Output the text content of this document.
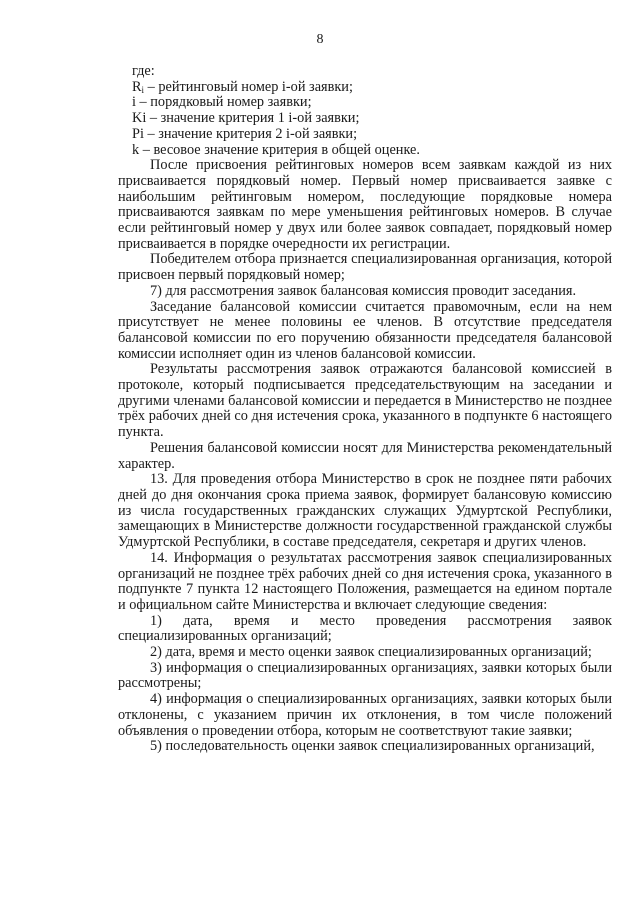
8

где:

$R_i$ – рейтинговый номер i-ой заявки;

i – порядковый номер заявки;

Ki – значение критерия 1 i-ой заявки;

Pi – значение критерия 2 i-ой заявки;

k – весовое значение критерия в общей оценке.

После присвоения рейтинговых номеров всем заявкам каждой из них присваивается порядковый номер. Первый номер присваивается заявке с наибольшим рейтинговым номером, последующие порядковые номера присваиваются заявкам по мере уменьшения рейтинговых номеров. В случае если рейтинговый номер у двух или более заявок совпадает, порядковый номер присваивается в порядке очередности их регистрации.

Победителем отбора признается специализированная организация, которой присвоен первый порядковый номер;

7) для рассмотрения заявок балансовая комиссия проводит заседания.

Заседание балансовой комиссии считается правомочным, если на нем присутствует не менее половины ее членов. В отсутствие председателя балансовой комиссии по его поручению обязанности председателя балансовой комиссии исполняет один из членов балансовой комиссии.

Результаты рассмотрения заявок отражаются балансовой комиссией в протоколе, который подписывается председательствующим на заседании и другими членами балансовой комиссии и передается в Министерство не позднее трёх рабочих дней со дня истечения срока, указанного в подпункте 6 настоящего пункта.

Решения балансовой комиссии носят для Министерства рекомендательный характер.

13. Для проведения отбора Министерство в срок не позднее пяти рабочих дней до дня окончания срока приема заявок, формирует балансовую комиссию из числа государственных гражданских служащих Удмуртской Республики, замещающих в Министерстве должности государственной гражданской службы Удмуртской Республики, в составе председателя, секретаря и других членов.

14. Информация о результатах рассмотрения заявок специализированных организаций не позднее трёх рабочих дней со дня истечения срока, указанного в подпункте 7 пункта 12 настоящего Положения, размещается на едином портале и официальном сайте Министерства и включает следующие сведения:

1) дата, время и место проведения рассмотрения заявок специализированных организаций;

2) дата, время и место оценки заявок специализированных организаций;

3) информация о специализированных организациях, заявки которых были рассмотрены;

4) информация о специализированных организациях, заявки которых были отклонены, с указанием причин их отклонения, в том числе положений объявления о проведении отбора, которым не соответствуют такие заявки;

5) последовательность оценки заявок специализированных организаций,
